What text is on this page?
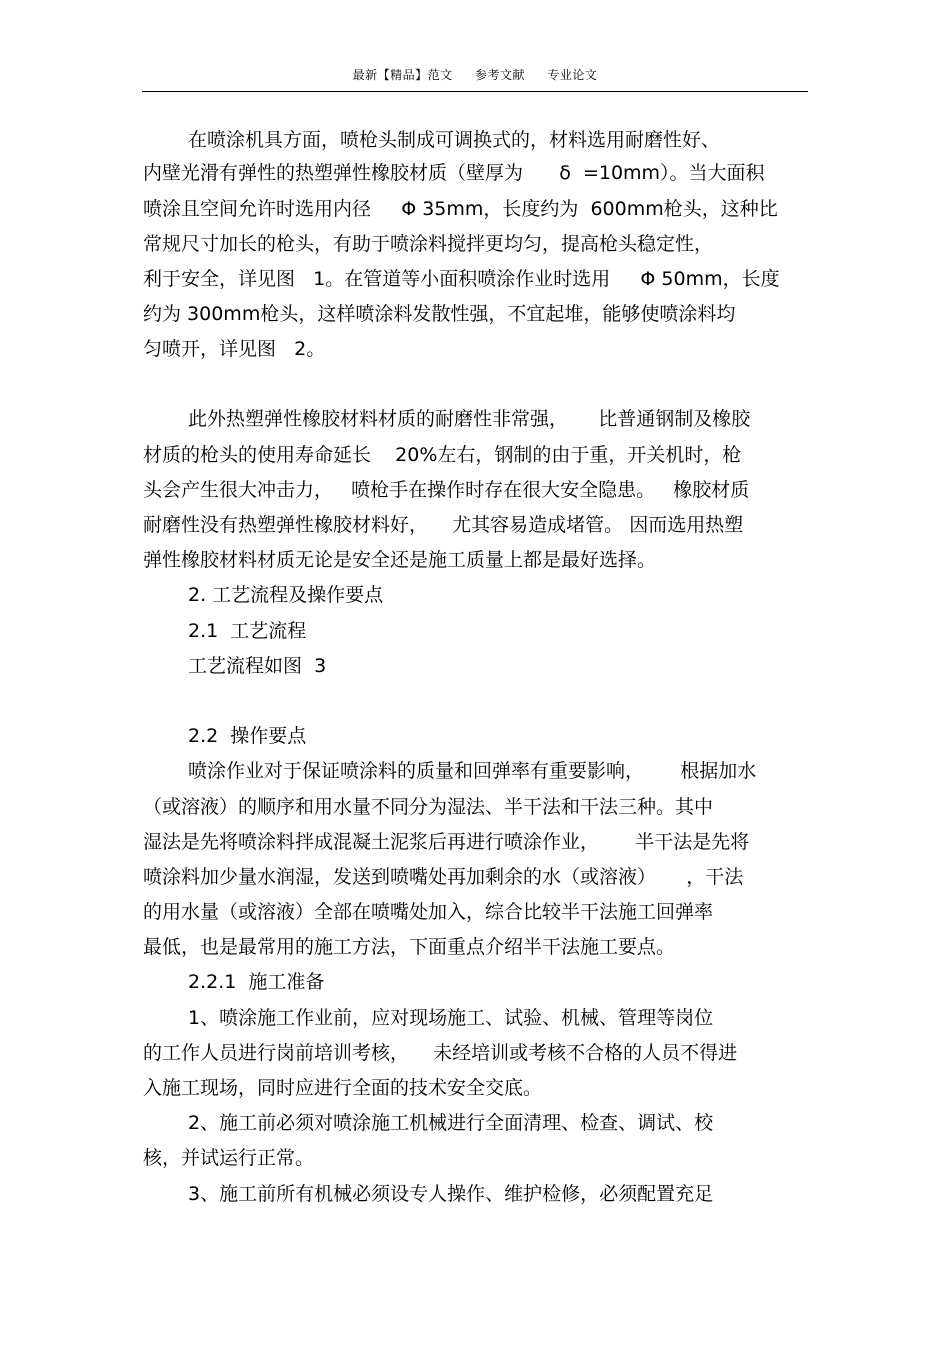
最新【精品】范文 参考文献 专业论文
在喷涂机具方面，喷枪头制成可调换式的，材料选用耐磨性好、
内壁光滑有弹性的热塑弹性橡胶材质（壁厚为      δ  =10mm）。当大面积
喷涂且空间允许时选用内径     Φ 35mm，长度约为  600mm枪头，这种比
常规尺寸加长的枪头，有助于喷涂料搅拌更均匀，提高枪头稳定性，
利于安全，详见图   1。在管道等小面积喷涂作业时选用     Φ 50mm，长度
约为 300mm枪头，这样喷涂料发散性强，不宜起堆，能够使喷涂料均
匀喷开，详见图   2。
此外热塑弹性橡胶材料材质的耐磨性非常强，     比普通钢制及橡胶
材质的枪头的使用寿命延长    20%左右，钢制的由于重，开关机时，枪
头会产生很大冲击力，   喷枪手在操作时存在很大安全隐患。   橡胶材质
耐磨性没有热塑弹性橡胶材料好，    尤其容易造成堵管。 因而选用热塑
弹性橡胶材料材质无论是安全还是施工质量上都是最好选择。
2. 工艺流程及操作要点
2.1  工艺流程
工艺流程如图  3
2.2  操作要点
喷涂作业对于保证喷涂料的质量和回弹率有重要影响，      根据加水
（或溶液）的顺序和用水量不同分为湿法、半干法和干法三种。其中
湿法是先将喷涂料拌成混凝土泥浆后再进行喷涂作业，      半干法是先将
喷涂料加少量水润湿，发送到喷嘴处再加剩余的水（或溶液）     ，干法
的用水量（或溶液）全部在喷嘴处加入，综合比较半干法施工回弹率
最低，也是最常用的施工方法，下面重点介绍半干法施工要点。
2.2.1  施工准备
1、喷涂施工作业前，应对现场施工、试验、机械、管理等岗位
的工作人员进行岗前培训考核，    未经培训或考核不合格的人员不得进
入施工现场，同时应进行全面的技术安全交底。
2、施工前必须对喷涂施工机械进行全面清理、检查、调试、校
核，并试运行正常。
3、施工前所有机械必须设专人操作、维护检修，必须配置充足
